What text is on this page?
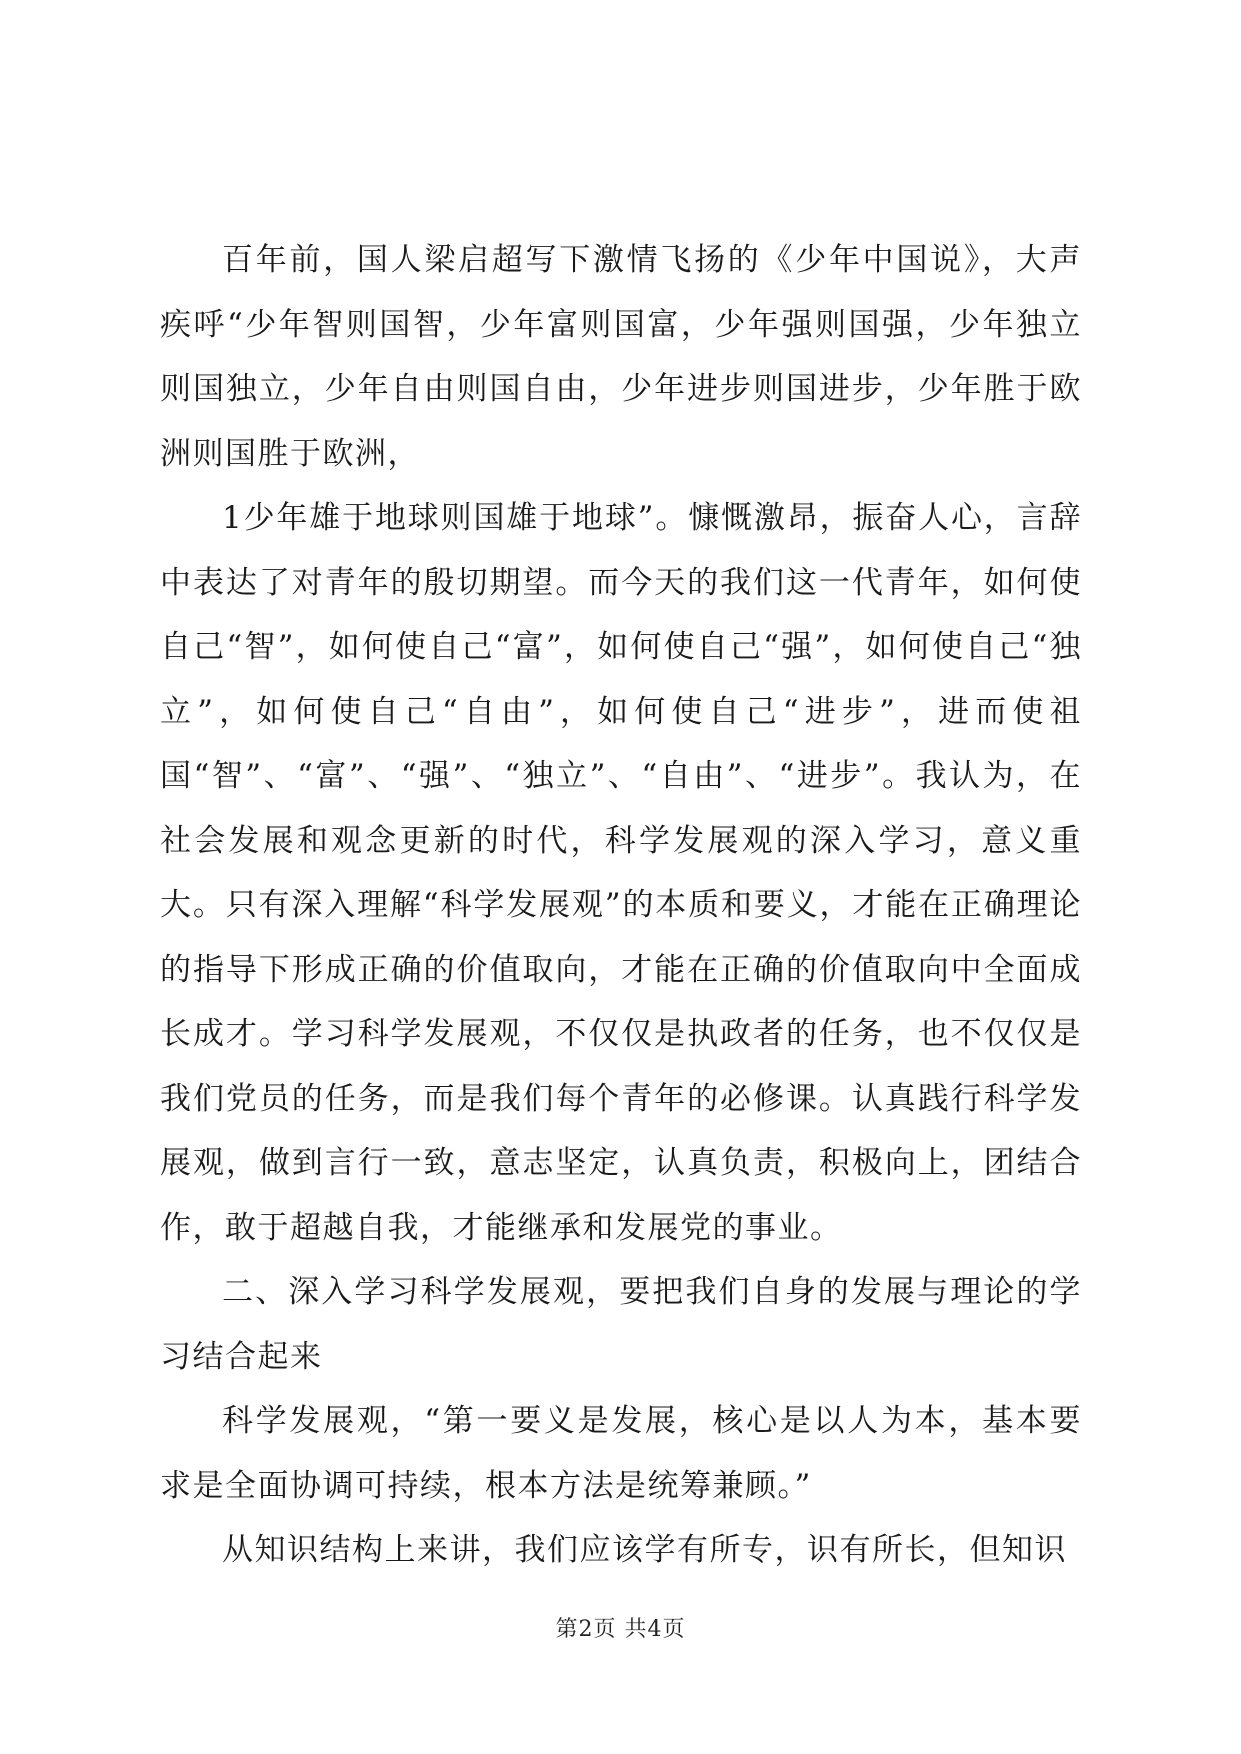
百年前，国人梁启超写下激情飞扬的《少年中国说》，大声疾呼“少年智则国智，少年富则国富，少年强则国强，少年独立则国独立，少年自由则国自由，少年进步则国进步，少年胜于欧洲则国胜于欧洲，

1少年雄于地球则国雄于地球”。慷慨激昂，振奋人心，言辞中表达了对青年的殷切期望。而今天的我们这一代青年，如何使自己“智”，如何使自己“富”，如何使自己“强”，如何使自己“独立”，如何使自己“自由”，如何使自己“进步”，进而使祖国“智”、“富”、“强”、“独立”、“自由”、“进步”。我认为，在社会发展和观念更新的时代，科学发展观的深入学习，意义重大。只有深入理解“科学发展观”的本质和要义，才能在正确理论的指导下形成正确的价值取向，才能在正确的价值取向中全面成长成才。学习科学发展观，不仅仅是执政者的任务，也不仅仅是我们党员的任务，而是我们每个青年的必修课。认真践行科学发展观，做到言行一致，意志坚定，认真负责，积极向上，团结合作，敢于超越自我，才能继承和发展党的事业。

二、深入学习科学发展观，要把我们自身的发展与理论的学习结合起来

科学发展观，“第一要义是发展，核心是以人为本，基本要求是全面协调可持续，根本方法是统筹兼顾。”

从知识结构上来讲，我们应该学有所专，识有所长，但知识

第2页 共4页
